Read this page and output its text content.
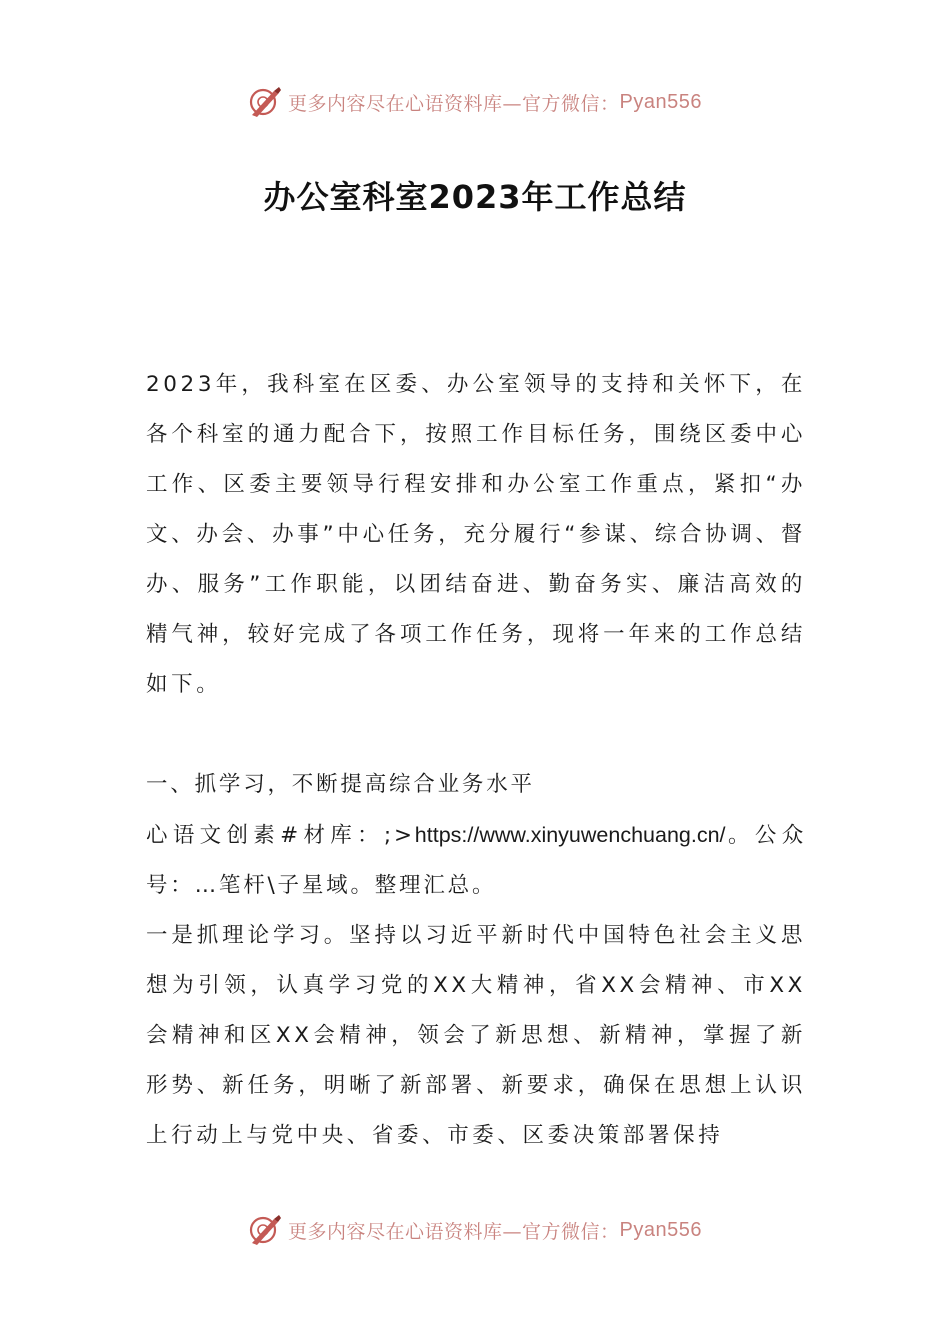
更多内容尽在心语资料库—官方微信： Pyan556
办公室科室2023年工作总结

2023年，我科室在区委、办公室领导的支持和关怀下，在各个科室的通力配合下，按照工作目标任务，围绕区委中心工作、区委主要领导行程安排和办公室工作重点，紧扣“办文、办会、办事”中心任务，充分履行“参谋、综合协调、督办、服务”工作职能，以团结奋进、勤奋务实、廉洁高效的精气神，较好完成了各项工作任务，现将一年来的工作总结如下。

一、抓学习，不断提高综合业务水平

心语文创素#材库：;>https://www.xinyuwenchuang.cn/。公众号：…笔杆\子星域。整理汇总。

一是抓理论学习。坚持以习近平新时代中国特色社会主义思想为引领，认真学习党的XX大精神，省XX会精神、市XX会精神和区XX会精神，领会了新思想、新精神，掌握了新形势、新任务，明晰了新部署、新要求，确保在思想上认识上行动上与党中央、省委、市委、区委决策部署保持

更多内容尽在心语资料库—官方微信： Pyan556
